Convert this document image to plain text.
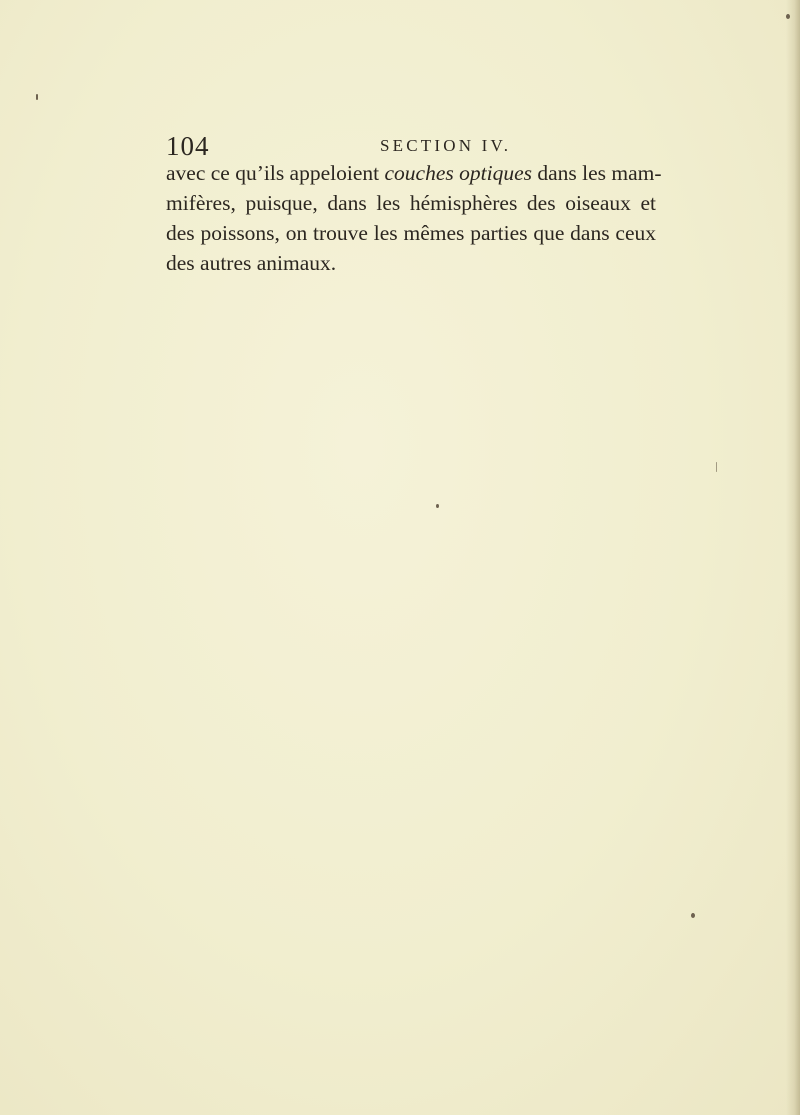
104	SECTION IV.
avec ce qu’ils appeloient couches optiques dans les mam-
mifères, puisque, dans les hémisphères des oiseaux et
des poissons, on trouve les mêmes parties que dans ceux
des autres animaux.
